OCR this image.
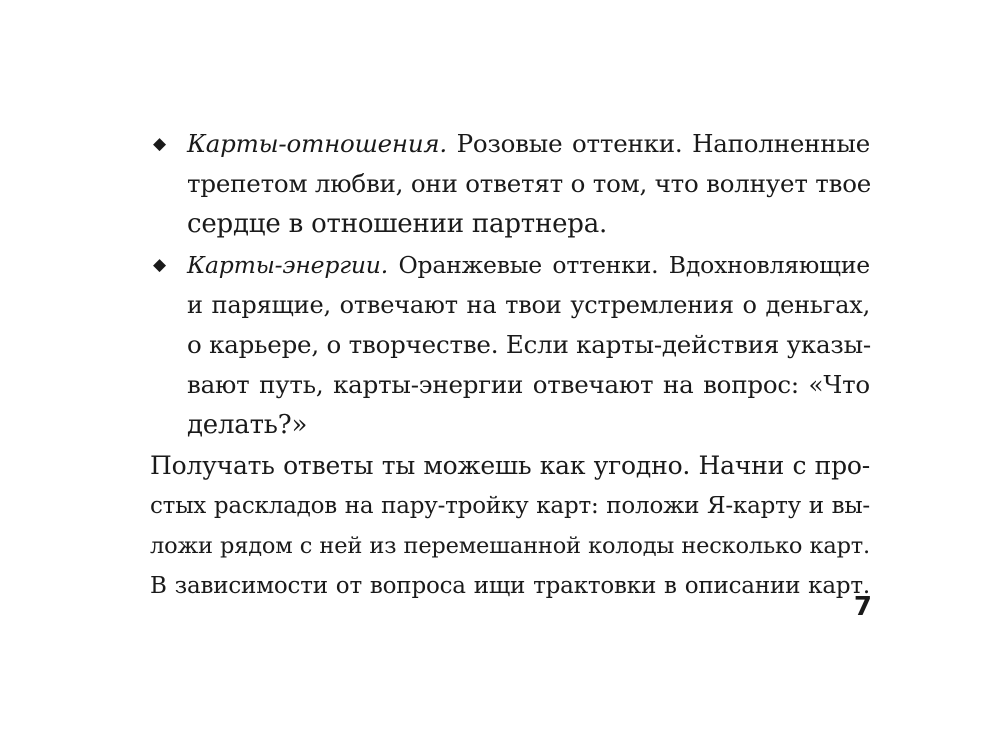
◆ Карты-отношения. Розовые оттенки. Наполненные
трепетом любви, они ответят о том, что волнует твое
сердце в отношении партнера.
◆ Карты-энергии. Оранжевые оттенки. Вдохновляющие
и парящие, отвечают на твои устремления о деньгах,
о карьере, о творчестве. Если карты-действия указы-
вают путь, карты-энергии отвечают на вопрос: «Что
делать?»
Получать ответы ты можешь как угодно. Начни с про-
стых раскладов на пару-тройку карт: положи Я-карту и вы-
ложи рядом с ней из перемешанной колоды несколько карт.
В зависимости от вопроса ищи трактовки в описании карт.
7
